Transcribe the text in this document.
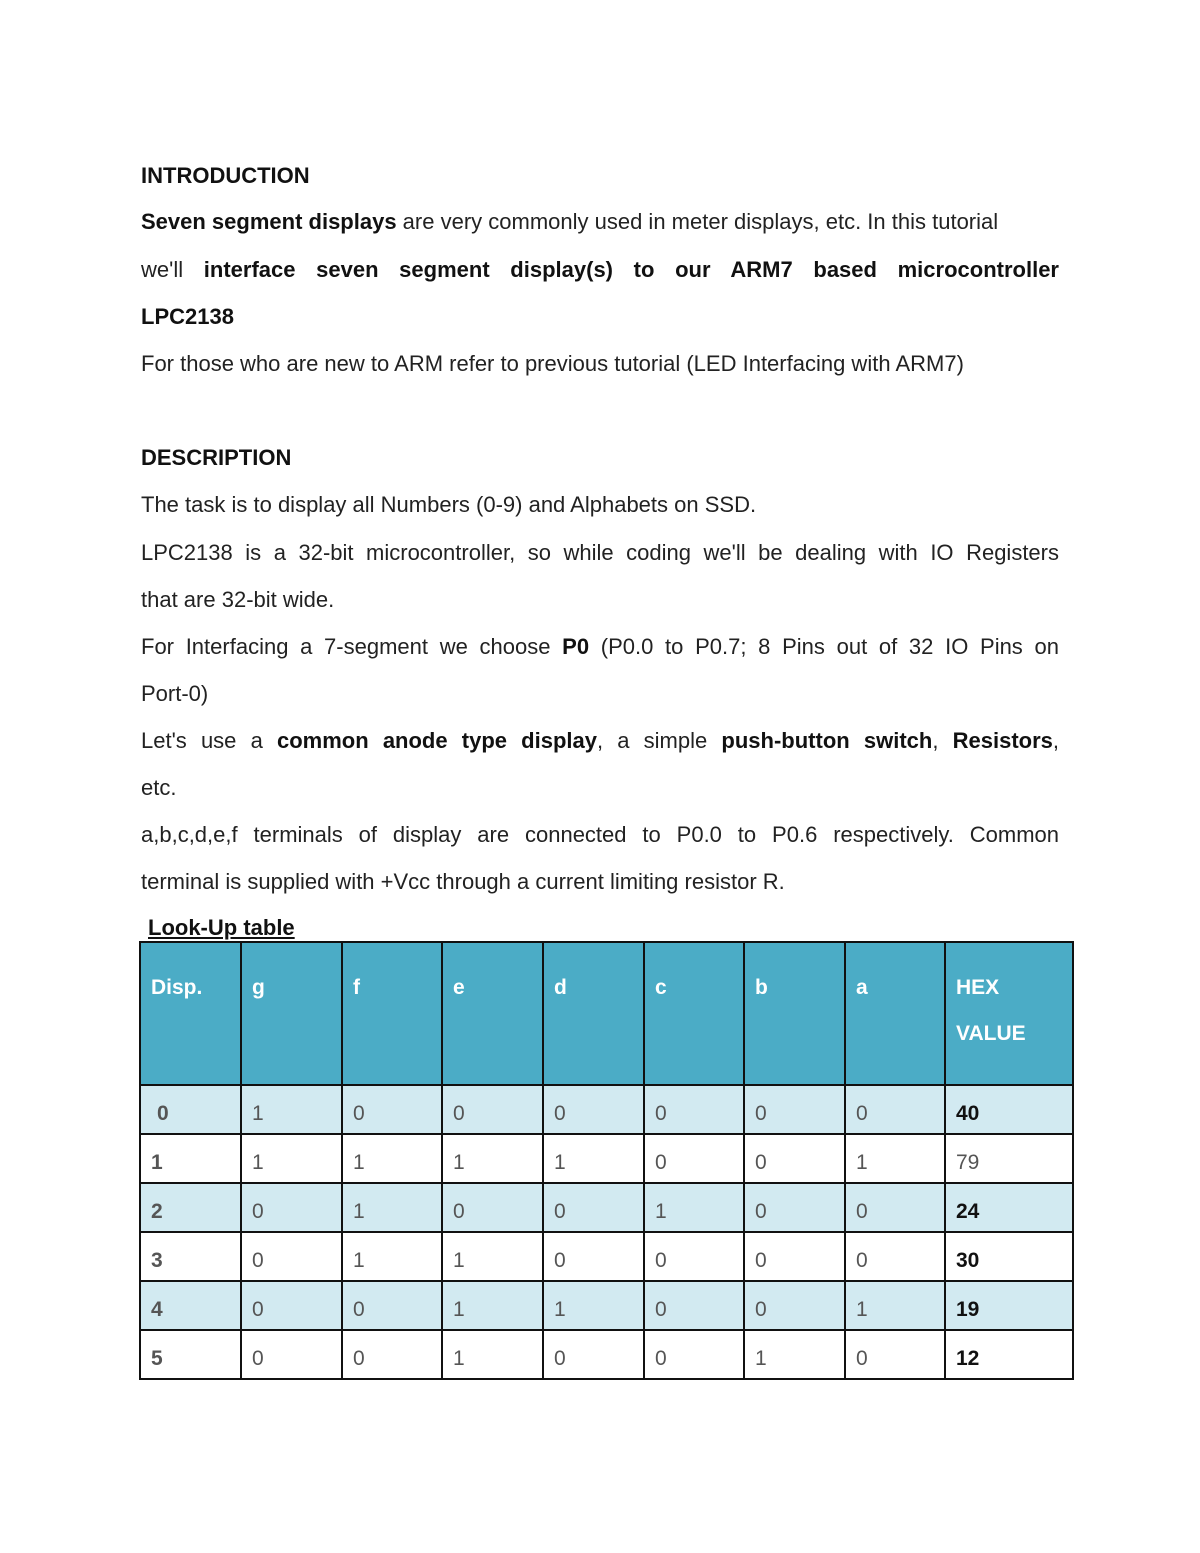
INTRODUCTION
Seven segment displays are very commonly used in meter displays, etc. In this tutorial
we'll interface seven segment display(s) to our ARM7 based microcontroller
LPC2138
For those who are new to ARM refer to previous tutorial (LED Interfacing with ARM7)
DESCRIPTION
The task is to display all Numbers (0-9) and Alphabets on SSD.
LPC2138 is a 32-bit microcontroller, so while coding we'll be dealing with IO Registers
that are 32-bit wide.
For Interfacing a 7-segment we choose P0 (P0.0 to P0.7; 8 Pins out of 32 IO Pins on
Port-0)
Let's use a common anode type display, a simple push-button switch, Resistors,
etc.
a,b,c,d,e,f terminals of display are connected to P0.0 to P0.6 respectively. Common
terminal is supplied with +Vcc through a current limiting resistor R.
Look-Up table
Disp.	g	f	e	d	c	b	a	HEX VALUE
0	1	0	0	0	0	0	0	40
1	1	1	1	1	0	0	1	79
2	0	1	0	0	1	0	0	24
3	0	1	1	0	0	0	0	30
4	0	0	1	1	0	0	1	19
5	0	0	1	0	0	1	0	12
